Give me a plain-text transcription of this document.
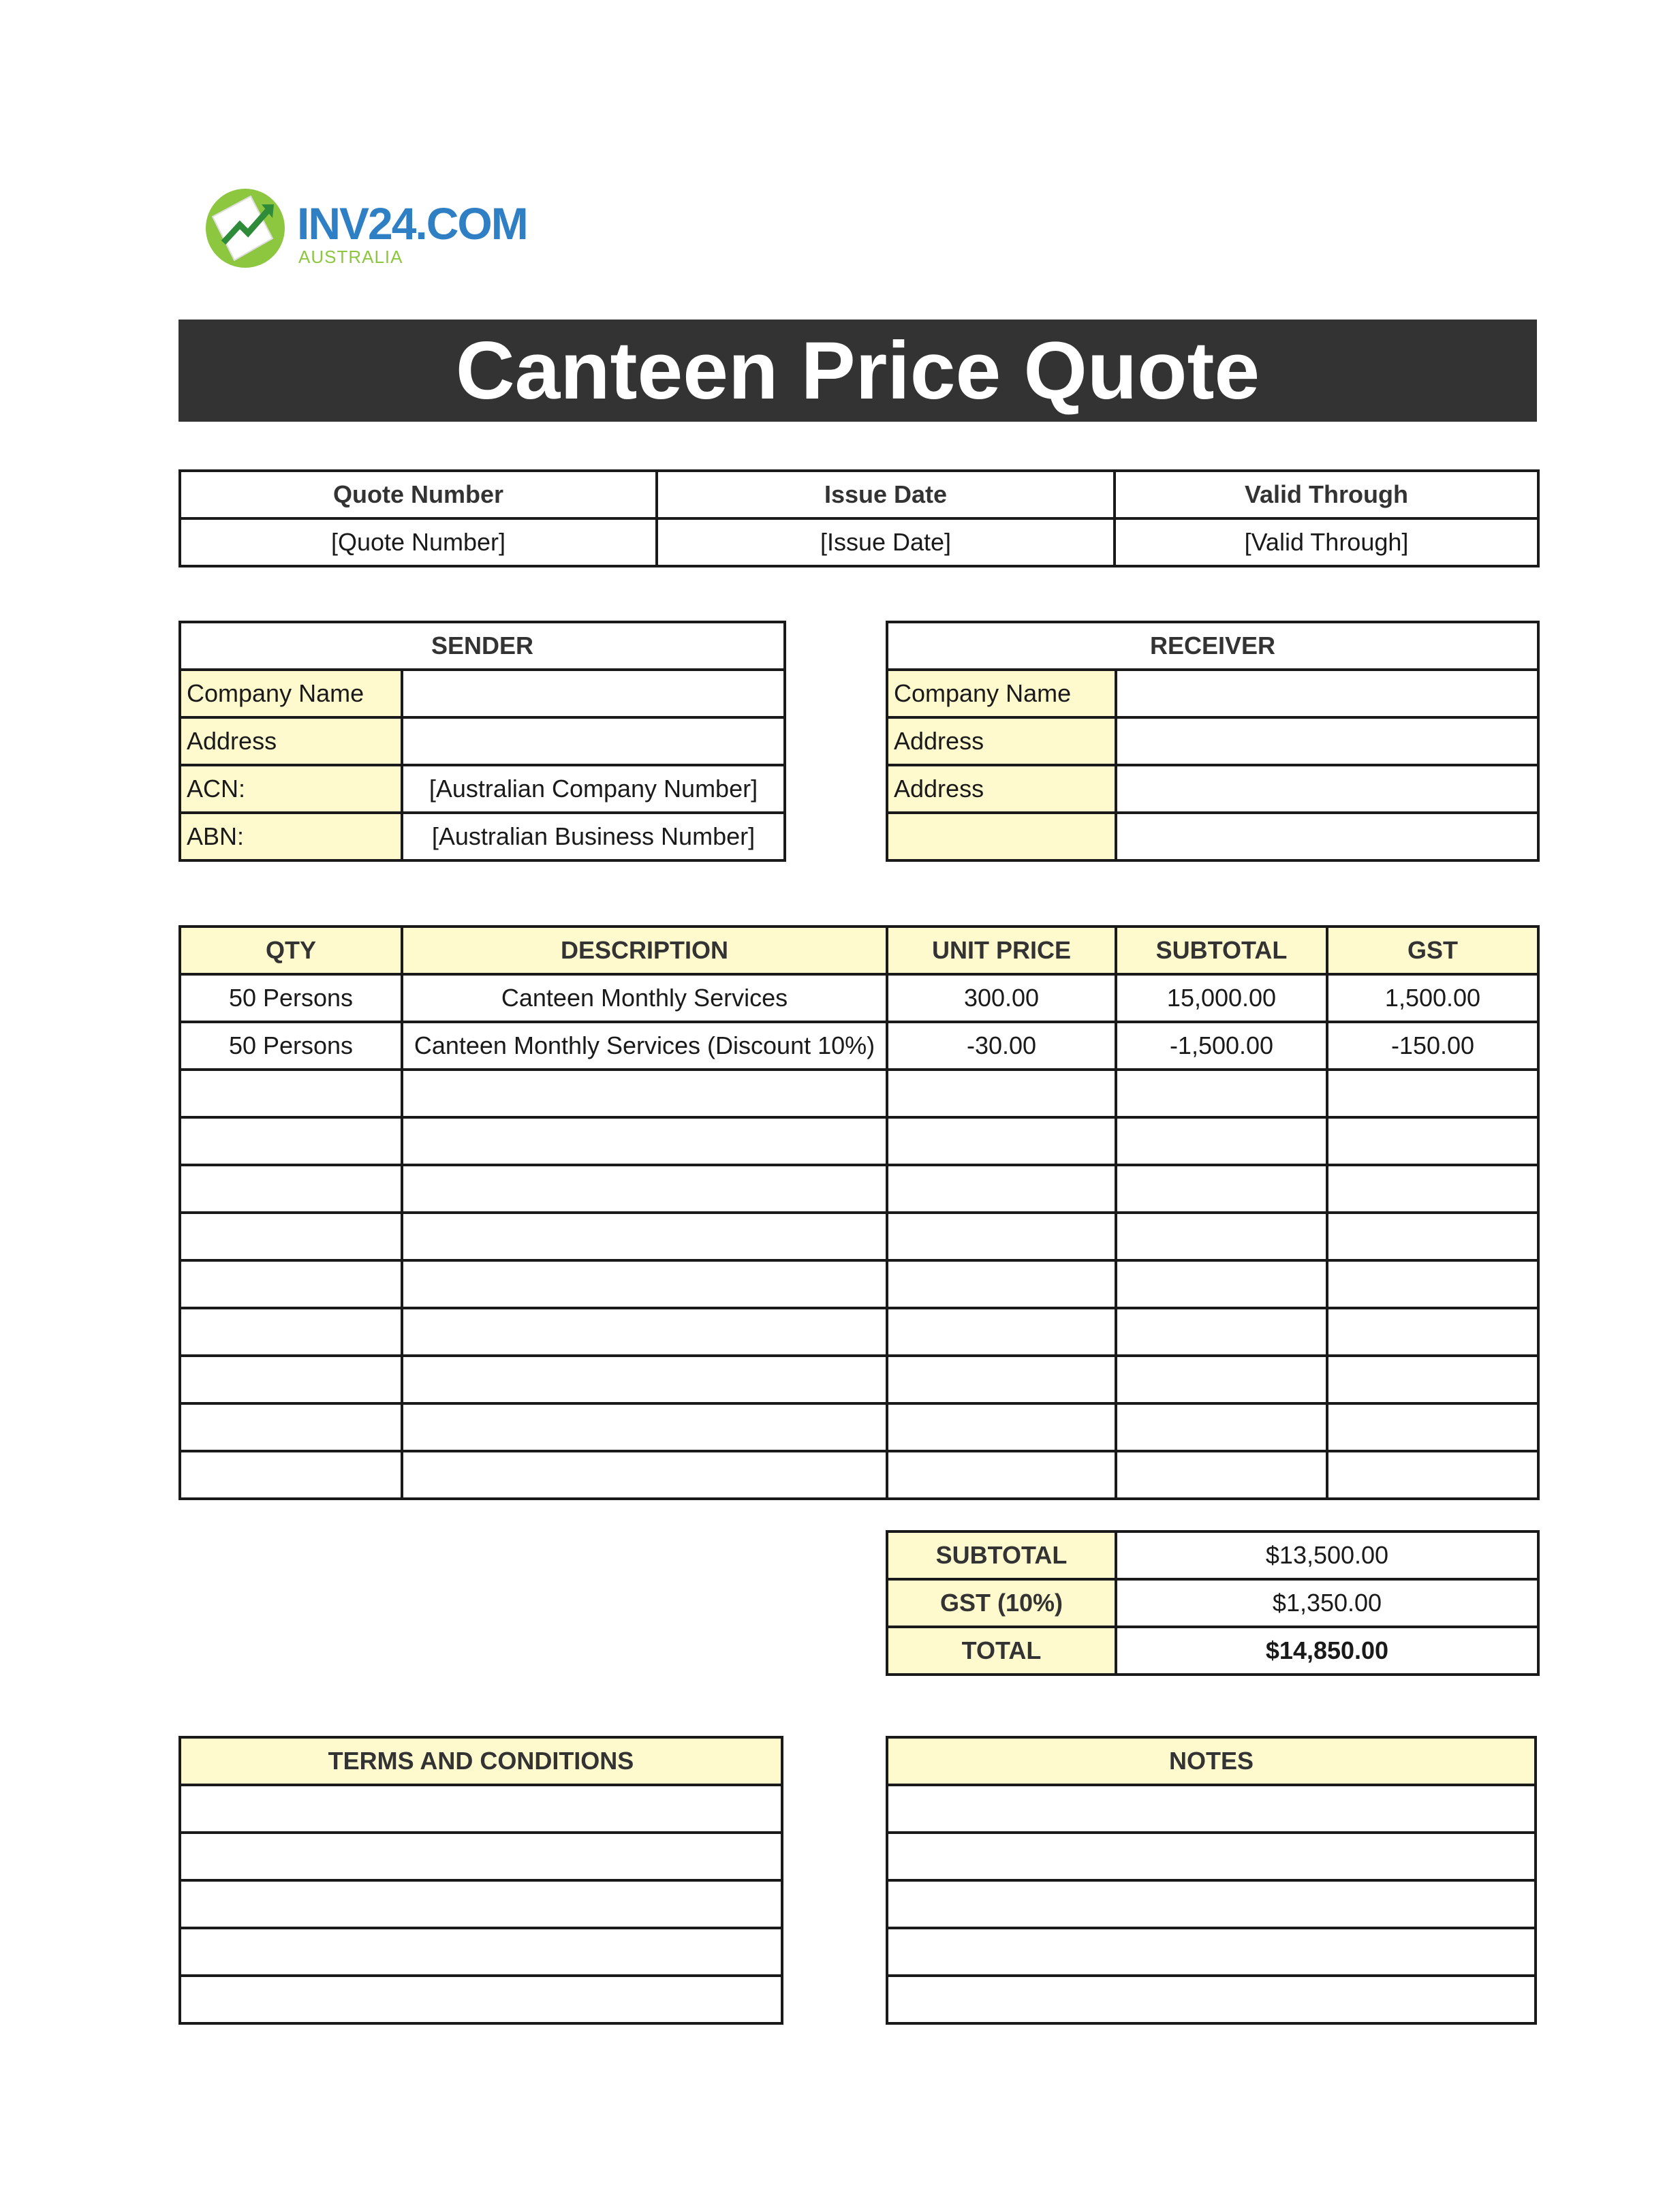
INV24.COM
AUSTRALIA
Canteen Price Quote
Quote Number	Issue Date	Valid Through
[Quote Number]	[Issue Date]	[Valid Through]
SENDER	
Company Name	
Address	
ACN:	[Australian Company Number]
ABN:	[Australian Business Number]
RECEIVER	
Company Name	
Address	
Address	

QTY	DESCRIPTION	UNIT PRICE	SUBTOTAL	GST
50 Persons	Canteen Monthly Services	300.00	15,000.00	1,500.00
50 Persons	Canteen Monthly Services (Discount 10%)	-30.00	-1,500.00	-150.00

SUBTOTAL	$13,500.00
GST (10%)	$1,350.00
TOTAL	$14,850.00
TERMS AND CONDITIONS	NOTES
